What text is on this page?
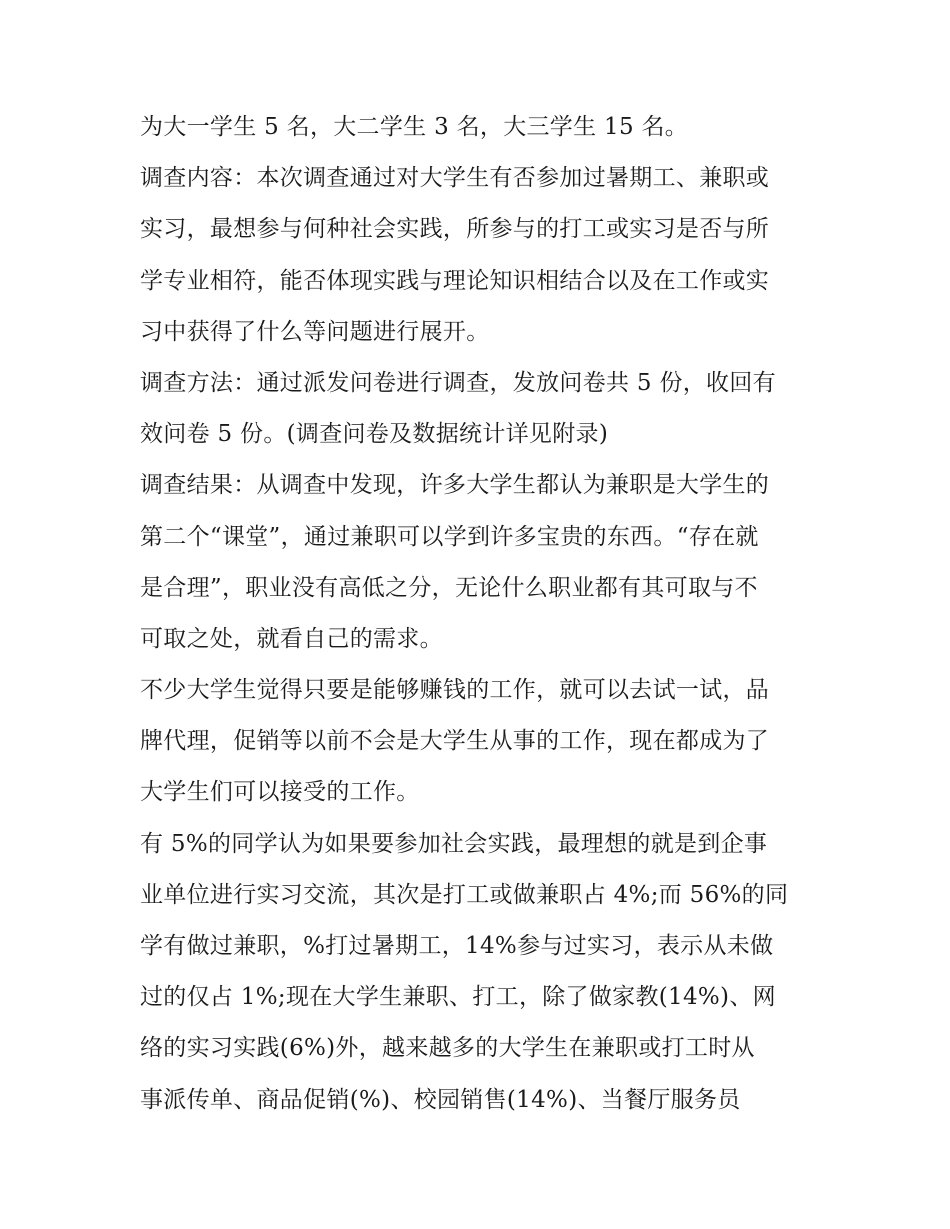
为大一学生 5 名，大二学生 3 名，大三学生 15 名。
调查内容：本次调查通过对大学生有否参加过暑期工、兼职或
实习，最想参与何种社会实践，所参与的打工或实习是否与所
学专业相符，能否体现实践与理论知识相结合以及在工作或实
习中获得了什么等问题进行展开。
调查方法：通过派发问卷进行调查，发放问卷共 5 份，收回有
效问卷 5 份。(调查问卷及数据统计详见附录)
调查结果：从调查中发现，许多大学生都认为兼职是大学生的
第二个“课堂”，通过兼职可以学到许多宝贵的东西。“存在就
是合理”，职业没有高低之分，无论什么职业都有其可取与不
可取之处，就看自己的需求。
不少大学生觉得只要是能够赚钱的工作，就可以去试一试，品
牌代理，促销等以前不会是大学生从事的工作，现在都成为了
大学生们可以接受的工作。
有 5%的同学认为如果要参加社会实践，最理想的就是到企事
业单位进行实习交流，其次是打工或做兼职占 4%;而 56%的同
学有做过兼职，%打过暑期工，14%参与过实习，表示从未做
过的仅占 1%;现在大学生兼职、打工，除了做家教(14%)、网
络的实习实践(6%)外，越来越多的大学生在兼职或打工时从
事派传单、商品促销(%)、校园销售(14%)、当餐厅服务员
